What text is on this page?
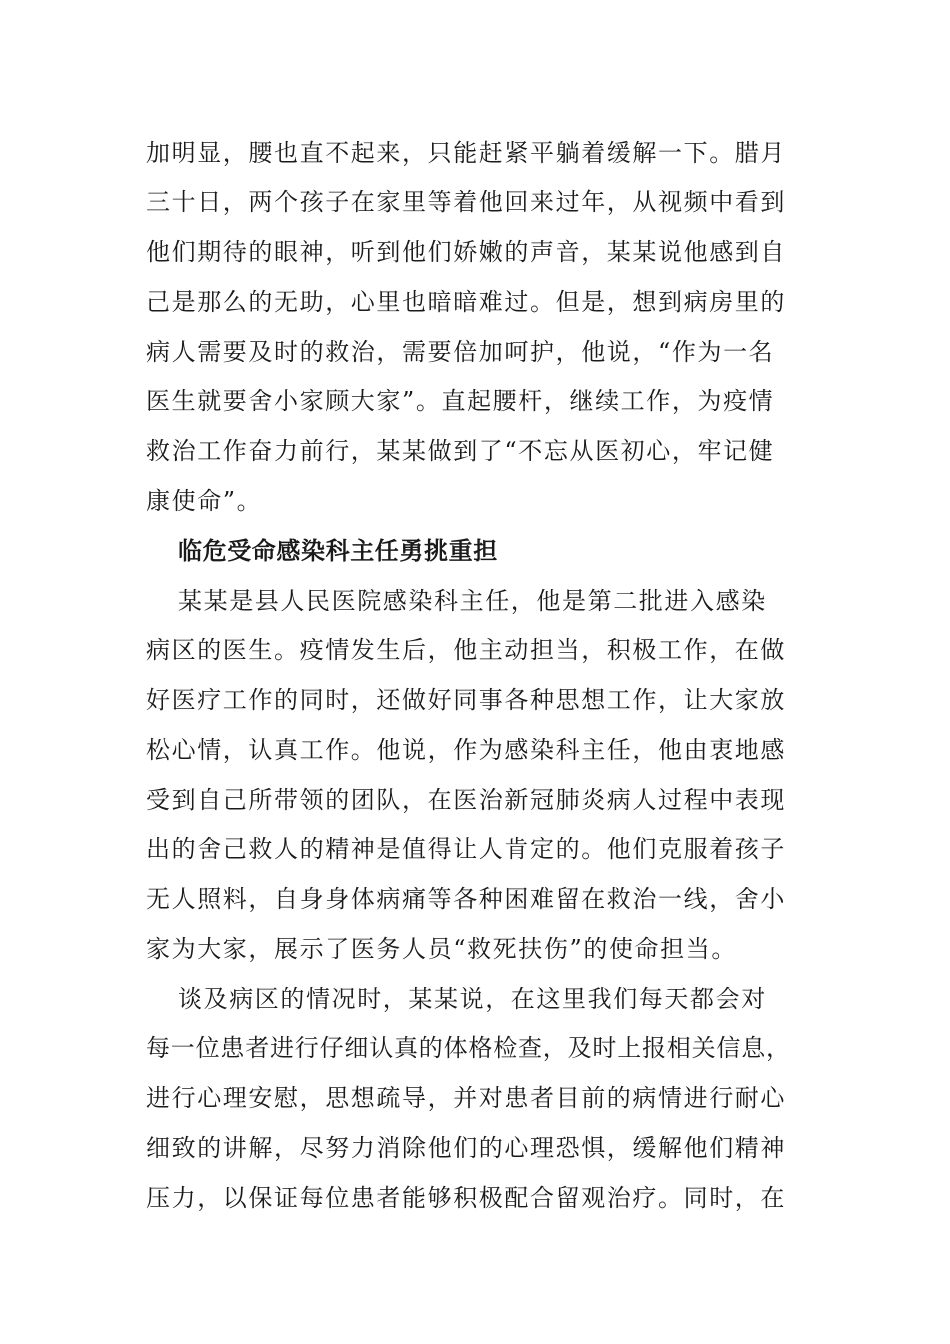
加明显，腰也直不起来，只能赶紧平躺着缓解一下。腊月
三十日，两个孩子在家里等着他回来过年，从视频中看到
他们期待的眼神，听到他们娇嫩的声音，某某说他感到自
己是那么的无助，心里也暗暗难过。但是，想到病房里的
病人需要及时的救治，需要倍加呵护，他说，“作为一名
医生就要舍小家顾大家”。直起腰杆，继续工作，为疫情
救治工作奋力前行，某某做到了“不忘从医初心，牢记健
康使命”。
临危受命感染科主任勇挑重担
某某是县人民医院感染科主任，他是第二批进入感染
病区的医生。疫情发生后，他主动担当，积极工作，在做
好医疗工作的同时，还做好同事各种思想工作，让大家放
松心情，认真工作。他说，作为感染科主任，他由衷地感
受到自己所带领的团队，在医治新冠肺炎病人过程中表现
出的舍己救人的精神是值得让人肯定的。他们克服着孩子
无人照料，自身身体病痛等各种困难留在救治一线，舍小
家为大家，展示了医务人员“救死扶伤”的使命担当。
谈及病区的情况时，某某说，在这里我们每天都会对
每一位患者进行仔细认真的体格检查，及时上报相关信息，
进行心理安慰，思想疏导，并对患者目前的病情进行耐心
细致的讲解，尽努力消除他们的心理恐惧，缓解他们精神
压力，以保证每位患者能够积极配合留观治疗。同时，在
